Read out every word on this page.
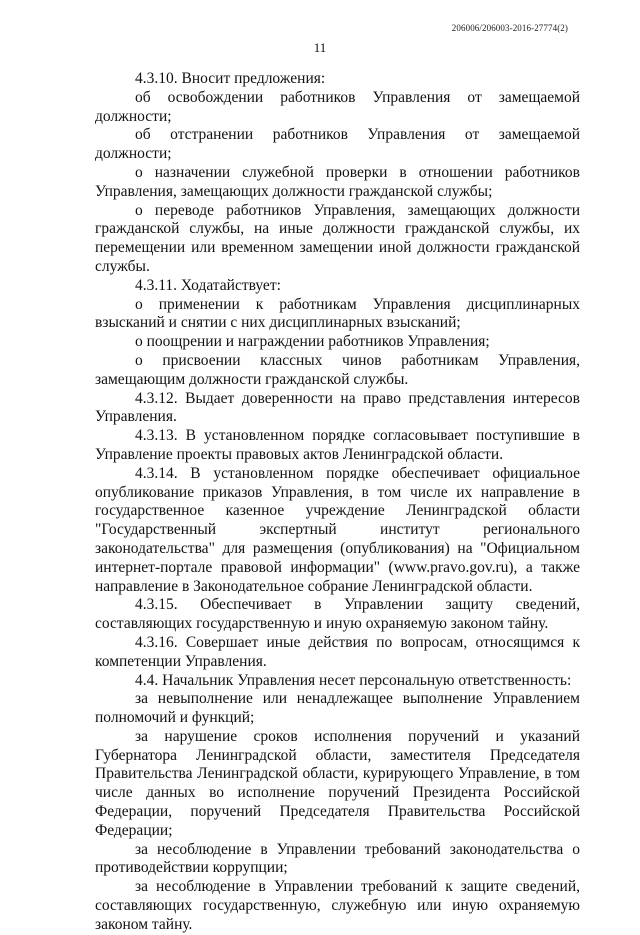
206006/206003-2016-27774(2)
11

4.3.10. Вносит предложения:

об освобождении работников Управления от замещаемой должности;

об отстранении работников Управления от замещаемой должности;

о назначении служебной проверки в отношении работников Управления, замещающих должности гражданской службы;

о переводе работников Управления, замещающих должности гражданской службы, на иные должности гражданской службы, их перемещении или временном замещении иной должности гражданской службы.

4.3.11. Ходатайствует:

о применении к работникам Управления дисциплинарных взысканий и снятии с них дисциплинарных взысканий;

о поощрении и награждении работников Управления;

о присвоении классных чинов работникам Управления, замещающим должности гражданской службы.

4.3.12. Выдает доверенности на право представления интересов Управления.

4.3.13. В установленном порядке согласовывает поступившие в Управление проекты правовых актов Ленинградской области.

4.3.14. В установленном порядке обеспечивает официальное опубликование приказов Управления, в том числе их направление в государственное казенное учреждение Ленинградской области "Государственный экспертный институт регионального законодательства" для размещения (опубликования) на "Официальном интернет-портале правовой информации" (www.pravo.gov.ru), а также направление в Законодательное собрание Ленинградской области.

4.3.15. Обеспечивает в Управлении защиту сведений, составляющих государственную и иную охраняемую законом тайну.

4.3.16. Совершает иные действия по вопросам, относящимся к компетенции Управления.

4.4. Начальник Управления несет персональную ответственность:

за невыполнение или ненадлежащее выполнение Управлением полномочий и функций;

за нарушение сроков исполнения поручений и указаний Губернатора Ленинградской области, заместителя Председателя Правительства Ленинградской области, курирующего Управление, в том числе данных во исполнение поручений Президента Российской Федерации, поручений Председателя Правительства Российской Федерации;

за несоблюдение в Управлении требований законодательства о противодействии коррупции;

за несоблюдение в Управлении требований к защите сведений, составляющих государственную, служебную или иную охраняемую законом тайну.
